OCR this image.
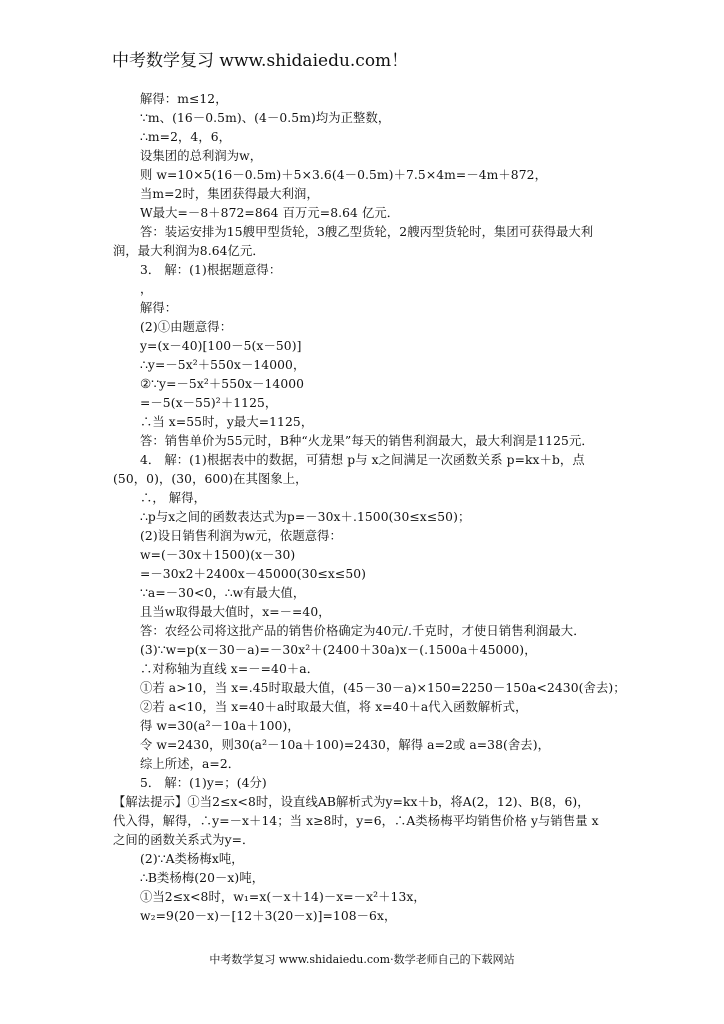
中考数学复习 www.shidaiedu.com！
解得：m≤12，
∵m、(16－0.5m)、(4－0.5m)均为正整数，
∴m=2，4，6，
设集团的总利润为w，
则 w=10×5(16－0.5m)＋5×3.6(4－0.5m)＋7.5×4m=－4m＋872，
当m=2时，集团获得最大利润，
W最大=－8＋872=864 百万元=8.64 亿元．
答：装运安排为15艘甲型货轮，3艘乙型货轮，2艘丙型货轮时，集团可获得最大利
润，最大利润为8.64亿元．
3． 解：(1)根据题意得：
，
解得：
(2)①由题意得：
y=(x－40)[100－5(x－50)]
∴y=－5x²＋550x－14000，
②∵y=－5x²＋550x－14000
=－5(x－55)²＋1125，
∴当 x=55时，y最大=1125，
答：销售单价为55元时，B种“火龙果”每天的销售利润最大，最大利润是1125元．
4． 解：(1)根据表中的数据，可猜想 p与 x之间满足一次函数关系 p=kx＋b，点
(50，0)，(30，600)在其图象上，
∴， 解得，
∴p与x之间的函数表达式为p=－30x＋.1500(30≤x≤50)；
(2)设日销售利润为w元，依题意得：
w=(－30x＋1500)(x－30)
=－30x2＋2400x－45000(30≤x≤50)
∵a=－30<0，∴w有最大值，
且当w取得最大值时，x=－=40，
答：农经公司将这批产品的销售价格确定为40元/.千克时，才使日销售利润最大．
(3)∵w=p(x－30－a)=－30x²＋(2400＋30a)x－(.1500a＋45000)，
∴对称轴为直线 x=－=40＋a．
①若 a>10，当 x=.45时取最大值，(45－30－a)×150=2250－150a<2430(舍去)；
②若 a<10，当 x=40＋a时取最大值，将 x=40＋a代入函数解析式，
得 w=30(a²－10a＋100)，
令 w=2430，则30(a²－10a＋100)=2430，解得 a=2或 a=38(舍去)，
综上所述，a=2．
5． 解：(1)y=；(4分)
【解法提示】①当2≤x<8时，设直线AB解析式为y=kx＋b，将A(2，12)、B(8，6)，
代入得，解得，∴y=－x＋14；当 x≥8时，y=6，∴A类杨梅平均销售价格 y与销售量 x
之间的函数关系式为y=．
(2)∵A类杨梅x吨，
∴B类杨梅(20－x)吨，
①当2≤x<8时，w₁=x(－x＋14)－x=－x²＋13x，
w₂=9(20－x)－[12＋3(20－x)]=108－6x，
中考数学复习 www.shidaiedu.com·数学老师自己的下载网站
